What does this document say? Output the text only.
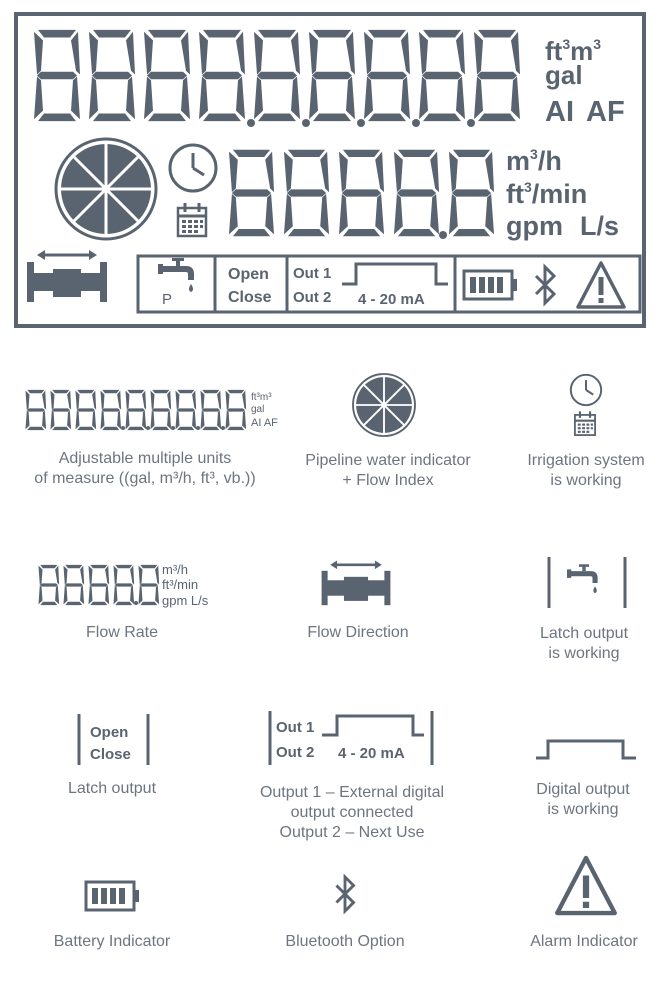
$ft^3m^3$
gal
AI AF
$m^3/h$
$ft^3/\min$
gpm L/s
P
Open
Close
Out 1
Out 2 4 - 20 mA
ft³m³
gal
AI AF
m³/h
ft³/min
gpm L/s
Open
Close
Out 1
Out 2 4 - 20 mA
Adjustable multiple units
of measure ((gal, m³/h, ft³, vb.))
Pipeline water indicator
+ Flow Index
Irrigation system
is working
Flow Rate	Flow Direction	Latch output
is working
Latch output	Output 1 – External digital
output connected
Output 2 – Next Use
Digital output
is working
Battery Indicator	Bluetooth Option	Alarm Indicator
